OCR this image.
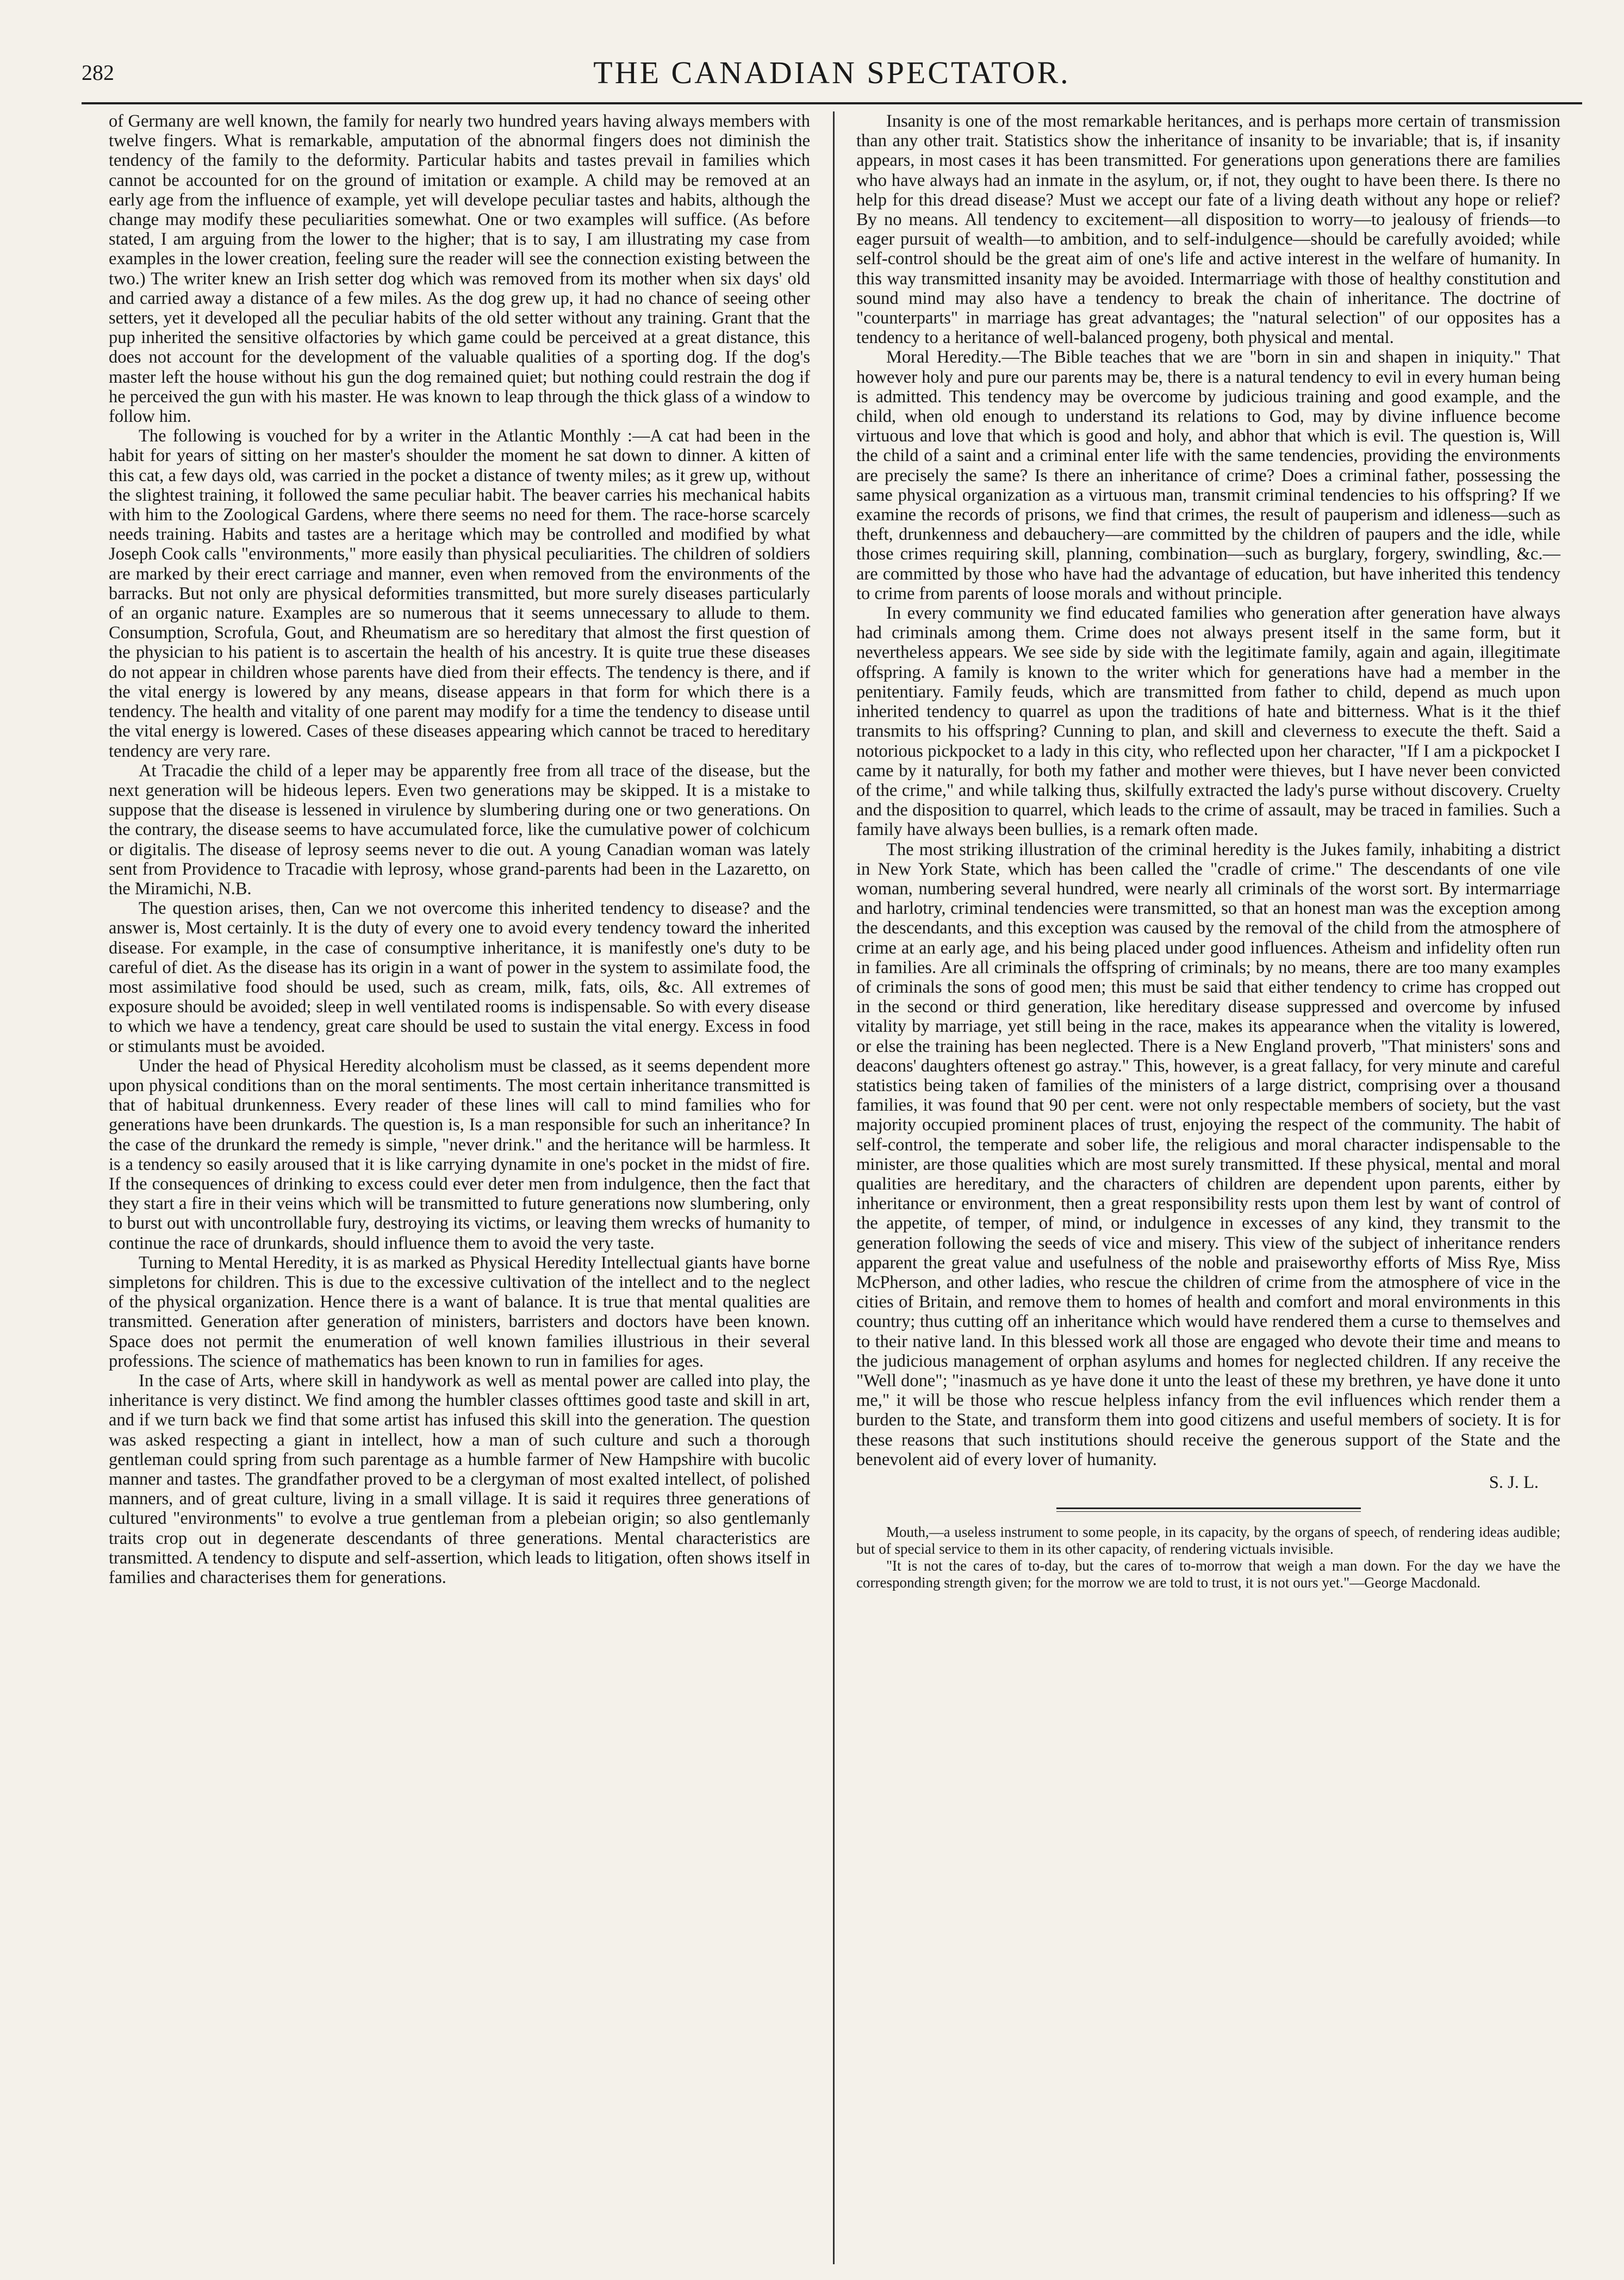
282	THE CANADIAN SPECTATOR.

of Germany are well known, the family for nearly two hundred years having always members with twelve fingers. What is remarkable, amputation of the abnormal fingers does not diminish the tendency of the family to the deformity. Particular habits and tastes prevail in families which cannot be accounted for on the ground of imitation or example. A child may be removed at an early age from the influence of example, yet will develope peculiar tastes and habits, although the change may modify these peculiarities somewhat. One or two examples will suffice. (As before stated, I am arguing from the lower to the higher; that is to say, I am illustrating my case from examples in the lower creation, feeling sure the reader will see the connection existing between the two.) The writer knew an Irish setter dog which was removed from its mother when six days' old and carried away a distance of a few miles. As the dog grew up, it had no chance of seeing other setters, yet it developed all the peculiar habits of the old setter without any training. Grant that the pup inherited the sensitive olfactories by which game could be perceived at a great distance, this does not account for the development of the valuable qualities of a sporting dog. If the dog's master left the house without his gun the dog remained quiet; but nothing could restrain the dog if he perceived the gun with his master. He was known to leap through the thick glass of a window to follow him.

The following is vouched for by a writer in the Atlantic Monthly :—A cat had been in the habit for years of sitting on her master's shoulder the moment he sat down to dinner. A kitten of this cat, a few days old, was carried in the pocket a distance of twenty miles; as it grew up, without the slightest training, it followed the same peculiar habit. The beaver carries his mechanical habits with him to the Zoological Gardens, where there seems no need for them. The race-horse scarcely needs training. Habits and tastes are a heritage which may be controlled and modified by what Joseph Cook calls "environments," more easily than physical peculiarities. The children of soldiers are marked by their erect carriage and manner, even when removed from the environments of the barracks. But not only are physical deformities transmitted, but more surely diseases particularly of an organic nature. Examples are so numerous that it seems unnecessary to allude to them. Consumption, Scrofula, Gout, and Rheumatism are so hereditary that almost the first question of the physician to his patient is to ascertain the health of his ancestry. It is quite true these diseases do not appear in children whose parents have died from their effects. The tendency is there, and if the vital energy is lowered by any means, disease appears in that form for which there is a tendency. The health and vitality of one parent may modify for a time the tendency to disease until the vital energy is lowered. Cases of these diseases appearing which cannot be traced to hereditary tendency are very rare.

At Tracadie the child of a leper may be apparently free from all trace of the disease, but the next generation will be hideous lepers. Even two generations may be skipped. It is a mistake to suppose that the disease is lessened in virulence by slumbering during one or two generations. On the contrary, the disease seems to have accumulated force, like the cumulative power of colchicum or digitalis. The disease of leprosy seems never to die out. A young Canadian woman was lately sent from Providence to Tracadie with leprosy, whose grand-parents had been in the Lazaretto, on the Miramichi, N.B.

The question arises, then, Can we not overcome this inherited tendency to disease? and the answer is, Most certainly. It is the duty of every one to avoid every tendency toward the inherited disease. For example, in the case of consumptive inheritance, it is manifestly one's duty to be careful of diet. As the disease has its origin in a want of power in the system to assimilate food, the most assimilative food should be used, such as cream, milk, fats, oils, &c. All extremes of exposure should be avoided; sleep in well ventilated rooms is indispensable. So with every disease to which we have a tendency, great care should be used to sustain the vital energy. Excess in food or stimulants must be avoided.

Under the head of Physical Heredity alcoholism must be classed, as it seems dependent more upon physical conditions than on the moral sentiments. The most certain inheritance transmitted is that of habitual drunkenness. Every reader of these lines will call to mind families who for generations have been drunkards. The question is, Is a man responsible for such an inheritance? In the case of the drunkard the remedy is simple, "never drink." and the heritance will be harmless. It is a tendency so easily aroused that it is like carrying dynamite in one's pocket in the midst of fire. If the consequences of drinking to excess could ever deter men from indulgence, then the fact that they start a fire in their veins which will be transmitted to future generations now slumbering, only to burst out with uncontrollable fury, destroying its victims, or leaving them wrecks of humanity to continue the race of drunkards, should influence them to avoid the very taste.

Turning to Mental Heredity, it is as marked as Physical Heredity Intellectual giants have borne simpletons for children. This is due to the excessive cultivation of the intellect and to the neglect of the physical organization. Hence there is a want of balance. It is true that mental qualities are transmitted. Generation after generation of ministers, barristers and doctors have been known. Space does not permit the enumeration of well known families illustrious in their several professions. The science of mathematics has been known to run in families for ages.

In the case of Arts, where skill in handywork as well as mental power are called into play, the inheritance is very distinct. We find among the humbler classes ofttimes good taste and skill in art, and if we turn back we find that some artist has infused this skill into the generation. The question was asked respecting a giant in intellect, how a man of such culture and such a thorough gentleman could spring from such parentage as a humble farmer of New Hampshire with bucolic manner and tastes. The grandfather proved to be a clergyman of most exalted intellect, of polished manners, and of great culture, living in a small village. It is said it requires three generations of cultured "environments" to evolve a true gentleman from a plebeian origin; so also gentlemanly traits crop out in degenerate descendants of three generations. Mental characteristics are transmitted. A tendency to dispute and self-assertion, which leads to litigation, often shows itself in families and characterises them for generations.

Insanity is one of the most remarkable heritances, and is perhaps more certain of transmission than any other trait. Statistics show the inheritance of insanity to be invariable; that is, if insanity appears, in most cases it has been transmitted. For generations upon generations there are families who have always had an inmate in the asylum, or, if not, they ought to have been there. Is there no help for this dread disease? Must we accept our fate of a living death without any hope or relief? By no means. All tendency to excitement—all disposition to worry—to jealousy of friends—to eager pursuit of wealth—to ambition, and to self-indulgence—should be carefully avoided; while self-control should be the great aim of one's life and active interest in the welfare of humanity. In this way transmitted insanity may be avoided. Intermarriage with those of healthy constitution and sound mind may also have a tendency to break the chain of inheritance. The doctrine of "counterparts" in marriage has great advantages; the "natural selection" of our opposites has a tendency to a heritance of well-balanced progeny, both physical and mental.

Moral Heredity.—The Bible teaches that we are "born in sin and shapen in iniquity." That however holy and pure our parents may be, there is a natural tendency to evil in every human being is admitted. This tendency may be overcome by judicious training and good example, and the child, when old enough to understand its relations to God, may by divine influence become virtuous and love that which is good and holy, and abhor that which is evil. The question is, Will the child of a saint and a criminal enter life with the same tendencies, providing the environments are precisely the same? Is there an inheritance of crime? Does a criminal father, possessing the same physical organization as a virtuous man, transmit criminal tendencies to his offspring? If we examine the records of prisons, we find that crimes, the result of pauperism and idleness—such as theft, drunkenness and debauchery—are committed by the children of paupers and the idle, while those crimes requiring skill, planning, combination—such as burglary, forgery, swindling, &c.—are committed by those who have had the advantage of education, but have inherited this tendency to crime from parents of loose morals and without principle.

In every community we find educated families who generation after generation have always had criminals among them. Crime does not always present itself in the same form, but it nevertheless appears. We see side by side with the legitimate family, again and again, illegitimate offspring. A family is known to the writer which for generations have had a member in the penitentiary. Family feuds, which are transmitted from father to child, depend as much upon inherited tendency to quarrel as upon the traditions of hate and bitterness. What is it the thief transmits to his offspring? Cunning to plan, and skill and cleverness to execute the theft. Said a notorious pickpocket to a lady in this city, who reflected upon her character, "If I am a pickpocket I came by it naturally, for both my father and mother were thieves, but I have never been convicted of the crime," and while talking thus, skilfully extracted the lady's purse without discovery. Cruelty and the disposition to quarrel, which leads to the crime of assault, may be traced in families. Such a family have always been bullies, is a remark often made.

The most striking illustration of the criminal heredity is the Jukes family, inhabiting a district in New York State, which has been called the "cradle of crime." The descendants of one vile woman, numbering several hundred, were nearly all criminals of the worst sort. By intermarriage and harlotry, criminal tendencies were transmitted, so that an honest man was the exception among the descendants, and this exception was caused by the removal of the child from the atmosphere of crime at an early age, and his being placed under good influences. Atheism and infidelity often run in families. Are all criminals the offspring of criminals; by no means, there are too many examples of criminals the sons of good men; this must be said that either tendency to crime has cropped out in the second or third generation, like hereditary disease suppressed and overcome by infused vitality by marriage, yet still being in the race, makes its appearance when the vitality is lowered, or else the training has been neglected. There is a New England proverb, "That ministers' sons and deacons' daughters oftenest go astray." This, however, is a great fallacy, for very minute and careful statistics being taken of families of the ministers of a large district, comprising over a thousand families, it was found that 90 per cent. were not only respectable members of society, but the vast majority occupied prominent places of trust, enjoying the respect of the community. The habit of self-control, the temperate and sober life, the religious and moral character indispensable to the minister, are those qualities which are most surely transmitted. If these physical, mental and moral qualities are hereditary, and the characters of children are dependent upon parents, either by inheritance or environment, then a great responsibility rests upon them lest by want of control of the appetite, of temper, of mind, or indulgence in excesses of any kind, they transmit to the generation following the seeds of vice and misery. This view of the subject of inheritance renders apparent the great value and usefulness of the noble and praiseworthy efforts of Miss Rye, Miss McPherson, and other ladies, who rescue the children of crime from the atmosphere of vice in the cities of Britain, and remove them to homes of health and comfort and moral environments in this country; thus cutting off an inheritance which would have rendered them a curse to themselves and to their native land. In this blessed work all those are engaged who devote their time and means to the judicious management of orphan asylums and homes for neglected children. If any receive the "Well done"; "inasmuch as ye have done it unto the least of these my brethren, ye have done it unto me," it will be those who rescue helpless infancy from the evil influences which render them a burden to the State, and transform them into good citizens and useful members of society. It is for these reasons that such institutions should receive the generous support of the State and the benevolent aid of every lover of humanity.

S. J. L.

Mouth,—a useless instrument to some people, in its capacity, by the organs of speech, of rendering ideas audible; but of special service to them in its other capacity, of rendering victuals invisible.

"It is not the cares of to-day, but the cares of to-morrow that weigh a man down. For the day we have the corresponding strength given; for the morrow we are told to trust, it is not ours yet."—George Macdonald.
